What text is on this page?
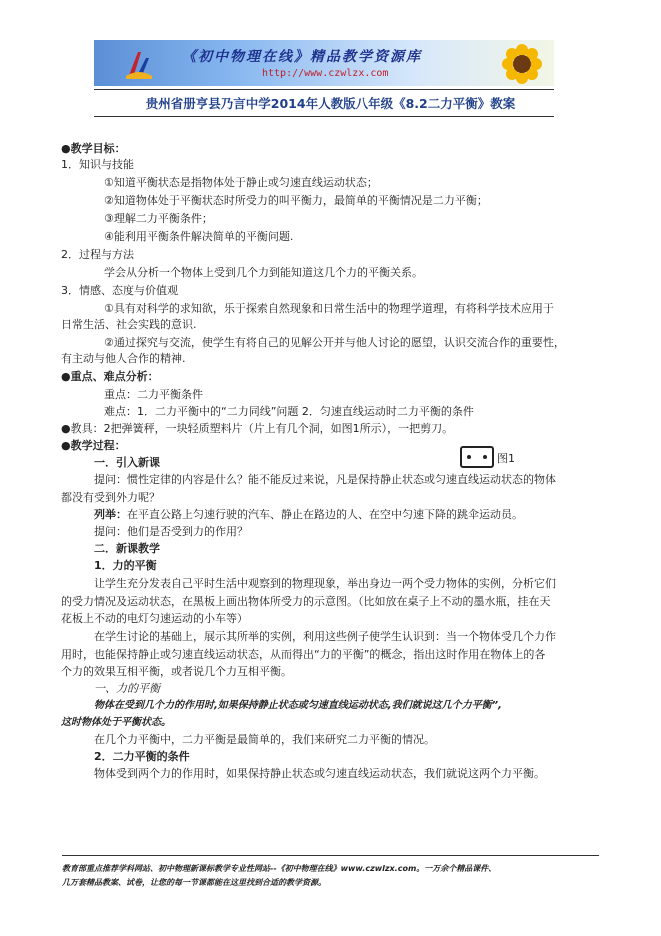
《初中物理在线》精品教学资源库
http://www.czwlzx.com
贵州省册亨县乃言中学2014年人教版八年级《8.2二力平衡》教案
●教学目标：
1．知识与技能
①知道平衡状态是指物体处于静止或匀速直线运动状态；
②知道物体处于平衡状态时所受力的叫平衡力，最简单的平衡情况是二力平衡；
③理解二力平衡条件；
④能利用平衡条件解决简单的平衡问题.
2．过程与方法
学会从分析一个物体上受到几个力到能知道这几个力的平衡关系。
3．情感、态度与价值观
①具有对科学的求知欲，乐于探索自然现象和日常生活中的物理学道理，有将科学技术应用于
日常生活、社会实践的意识.
②通过探究与交流，使学生有将自己的见解公开并与他人讨论的愿望，认识交流合作的重要性，
有主动与他人合作的精神.
●重点、难点分析：
重点：二力平衡条件
难点：1．二力平衡中的“二力同线”问题 2．匀速直线运动时二力平衡的条件
●教具：2把弹簧秤，一块轻质塑料片（片上有几个洞，如图1所示），一把剪刀。
●教学过程：
一．引入新课	图1
提问：惯性定律的内容是什么？能不能反过来说，凡是保持静止状态或匀速直线运动状态的物体
都没有受到外力呢？
列举：在平直公路上匀速行驶的汽车、静止在路边的人、在空中匀速下降的跳伞运动员。
提问：他们是否受到力的作用？
二．新课教学
1．力的平衡
让学生充分发表自己平时生活中观察到的物理现象，举出身边一两个受力物体的实例，分析它们
的受力情况及运动状态，在黑板上画出物体所受力的示意图。（比如放在桌子上不动的墨水瓶，挂在天
花板上不动的电灯匀速运动的小车等）
在学生讨论的基础上，展示其所举的实例，利用这些例子使学生认识到：当一个物体受几个力作
用时，也能保持静止或匀速直线运动状态，从而得出“力的平衡”的概念，指出这时作用在物体上的各
个力的效果互相平衡，或者说几个力互相平衡。
一、力的平衡
物体在受到几个力的作用时,如果保持静止状态或匀速直线运动状态,我们就说这几个力平衡”,
这时物体处于平衡状态。
在几个力平衡中，二力平衡是最简单的，我们来研究二力平衡的情况。
2．二力平衡的条件
物体受到两个力的作用时，如果保持静止状态或匀速直线运动状态，我们就说这两个力平衡。
教育部重点推荐学科网站、初中物理新课标教学专业性网站--《初中物理在线》www.czwlzx.com。一万余个精品课件、
几万套精品教案、试卷，让您的每一节课都能在这里找到合适的教学资源。
